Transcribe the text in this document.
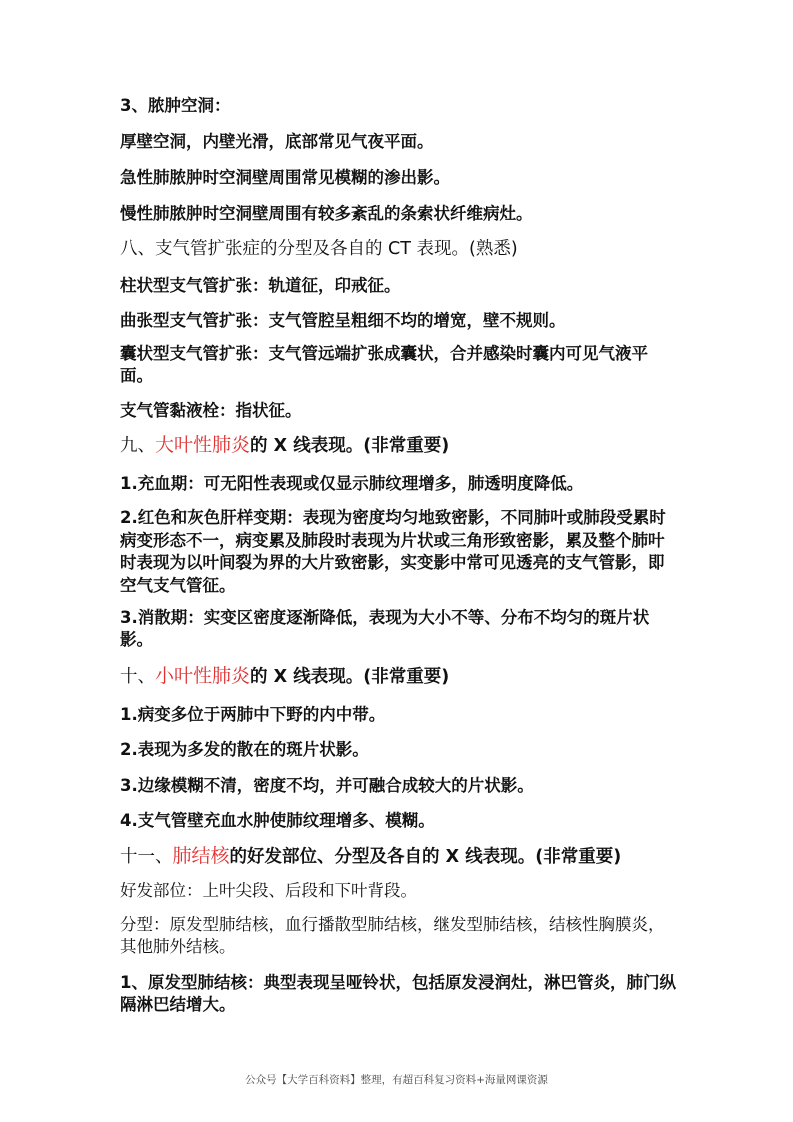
3、脓肿空洞：

厚壁空洞，内壁光滑，底部常见气夜平面。

急性肺脓肿时空洞壁周围常见模糊的渗出影。

慢性肺脓肿时空洞壁周围有较多紊乱的条索状纤维病灶。

八、支气管扩张症的分型及各自的 CT 表现。(熟悉)

柱状型支气管扩张：轨道征，印戒征。

曲张型支气管扩张：支气管腔呈粗细不均的增宽，壁不规则。

囊状型支气管扩张：支气管远端扩张成囊状，合并感染时囊内可见气液平面。

支气管黏液栓：指状征。

九、大叶性肺炎的 X 线表现。(非常重要)

1.充血期：可无阳性表现或仅显示肺纹理增多，肺透明度降低。

2.红色和灰色肝样变期：表现为密度均匀地致密影，不同肺叶或肺段受累时病变形态不一，病变累及肺段时表现为片状或三角形致密影，累及整个肺叶时表现为以叶间裂为界的大片致密影，实变影中常可见透亮的支气管影，即空气支气管征。

3.消散期：实变区密度逐渐降低，表现为大小不等、分布不均匀的斑片状影。

十、小叶性肺炎的 X 线表现。(非常重要)

1.病变多位于两肺中下野的内中带。

2.表现为多发的散在的斑片状影。

3.边缘模糊不清，密度不均，并可融合成较大的片状影。

4.支气管壁充血水肿使肺纹理增多、模糊。

十一、肺结核的好发部位、分型及各自的 X 线表现。(非常重要)

好发部位：上叶尖段、后段和下叶背段。

分型：原发型肺结核，血行播散型肺结核，继发型肺结核，结核性胸膜炎，其他肺外结核。

1、原发型肺结核：典型表现呈哑铃状，包括原发浸润灶，淋巴管炎，肺门纵隔淋巴结增大。

公众号【大学百科资料】整理，有超百科复习资料+海量网课资源
